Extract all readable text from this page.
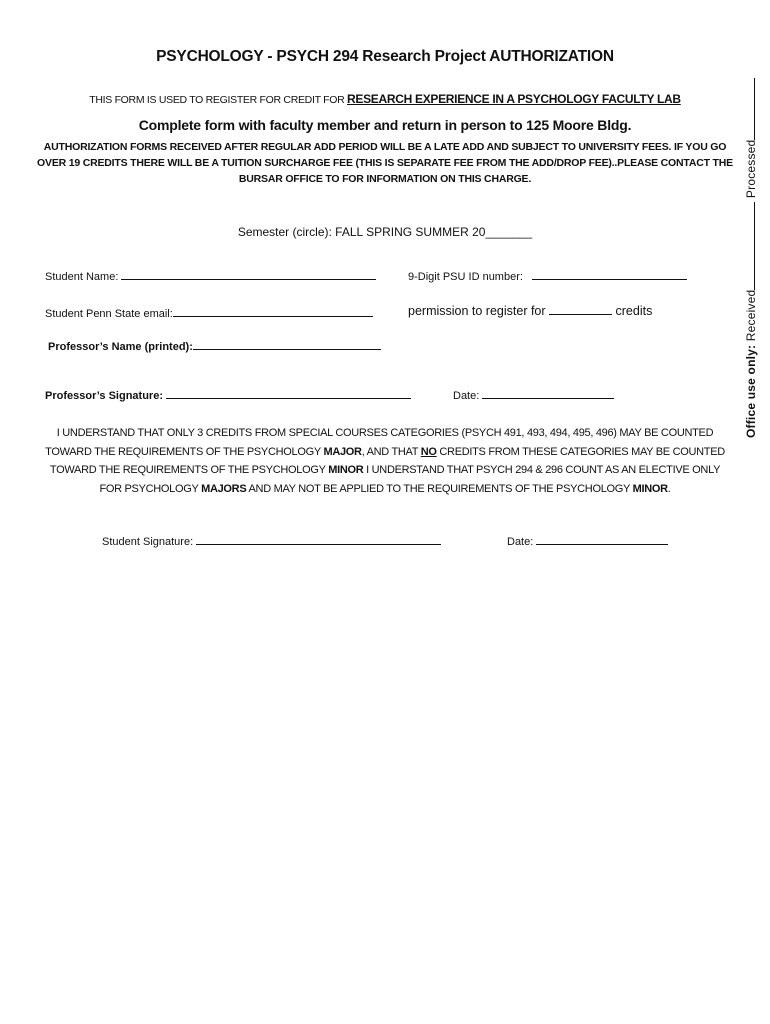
PSYCHOLOGY - PSYCH 294 Research Project AUTHORIZATION
THIS FORM IS USED TO REGISTER FOR CREDIT FOR RESEARCH EXPERIENCE IN A PSYCHOLOGY FACULTY LAB
Complete form with faculty member and return in person to 125 Moore Bldg.
AUTHORIZATION FORMS RECEIVED AFTER REGULAR ADD PERIOD WILL BE A LATE ADD AND SUBJECT TO UNIVERSITY FEES. IF YOU GO OVER 19 CREDITS THERE WILL BE A TUITION SURCHARGE FEE (THIS IS SEPARATE FEE FROM THE ADD/DROP FEE)..PLEASE CONTACT THE BURSAR OFFICE TO FOR INFORMATION ON THIS CHARGE.
Semester (circle): FALL SPRING SUMMER 20_______
Student Name:	9-Digit PSU ID number:
Student Penn State email:	permission to register for	credits
Professor’s Name (printed):
Professor’s Signature:	Date:
I UNDERSTAND THAT ONLY 3 CREDITS FROM SPECIAL COURSES CATEGORIES (PSYCH 491, 493, 494, 495, 496) MAY BE COUNTED TOWARD THE REQUIREMENTS OF THE PSYCHOLOGY MAJOR, AND THAT NO CREDITS FROM THESE CATEGORIES MAY BE COUNTED TOWARD THE REQUIREMENTS OF THE PSYCHOLOGY MINOR I UNDERSTAND THAT PSYCH 294 & 296 COUNT AS AN ELECTIVE ONLY FOR PSYCHOLOGY MAJORS AND MAY NOT BE APPLIED TO THE REQUIREMENTS OF THE PSYCHOLOGY MINOR.
Student Signature:	Date:
Office use only: Received Processed
